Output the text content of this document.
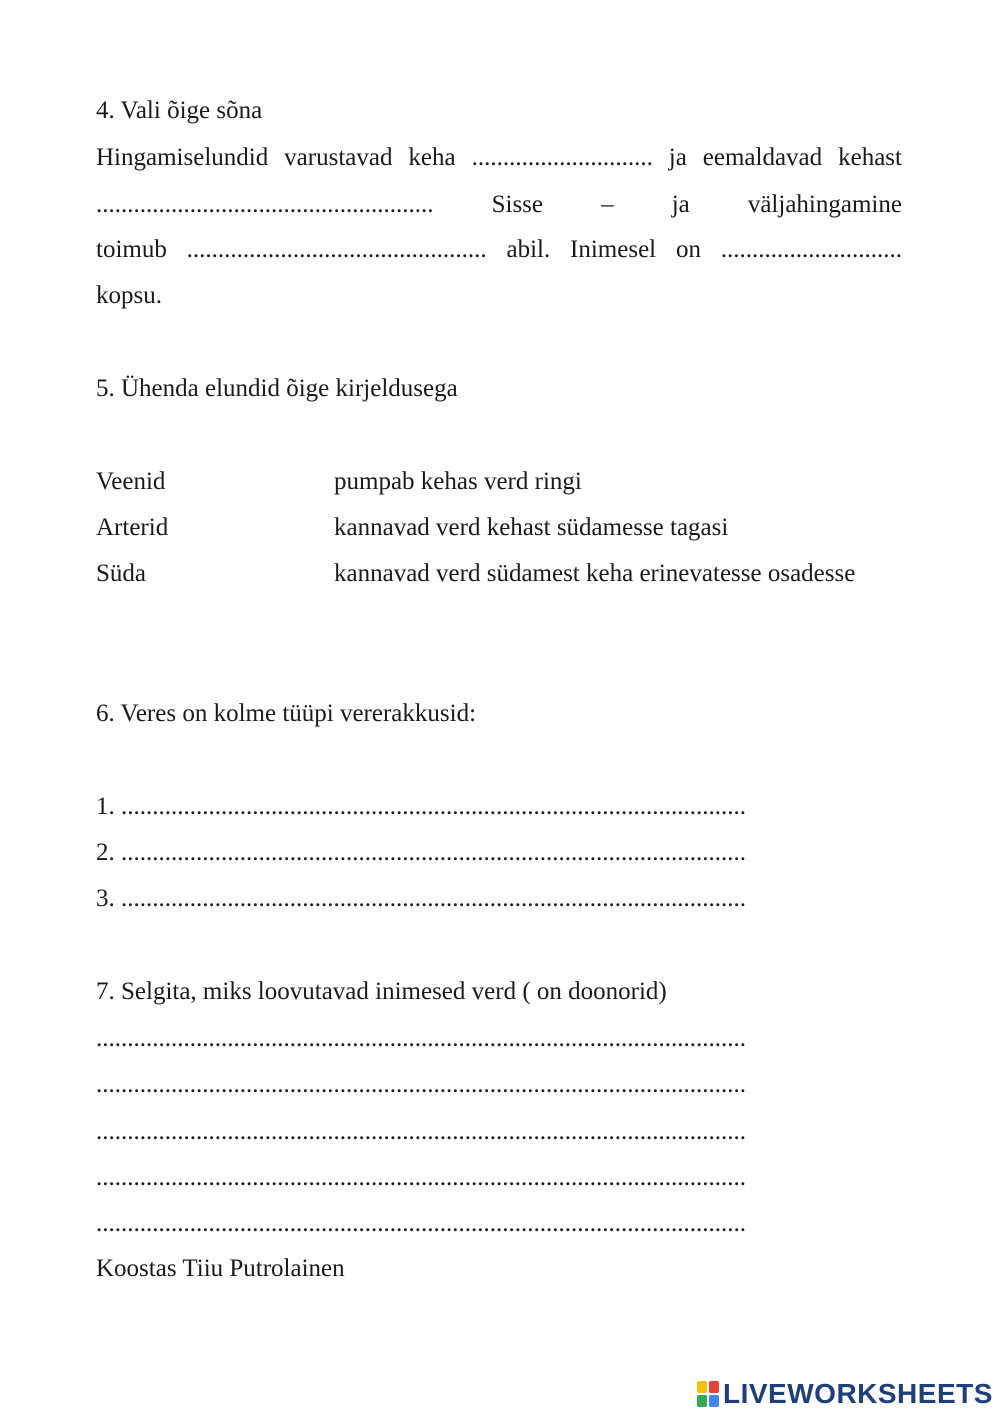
4. Vali õige sõna
Hingamiselundid varustavad keha ............................. ja eemaldavad kehast
...................................................... Sisse – ja väljahingamine
toimub ................................................ abil. Inimesel on .............................
kopsu.
5. Ühenda elundid õige kirjeldusega
Veenid	pumpab kehas verd ringi
Arterid	kannavad verd kehast südamesse tagasi
Süda	kannavad verd südamest keha erinevatesse osadesse
6. Veres on kolme tüüpi vererakkusid:
1. ....................................................................................................
2. ....................................................................................................
3. ....................................................................................................
7. Selgita, miks loovutavad inimesed verd ( on doonorid)
........................................................................................................
........................................................................................................
........................................................................................................
........................................................................................................
........................................................................................................
Koostas Tiiu Putrolainen
LIVEWORKSHEETS
